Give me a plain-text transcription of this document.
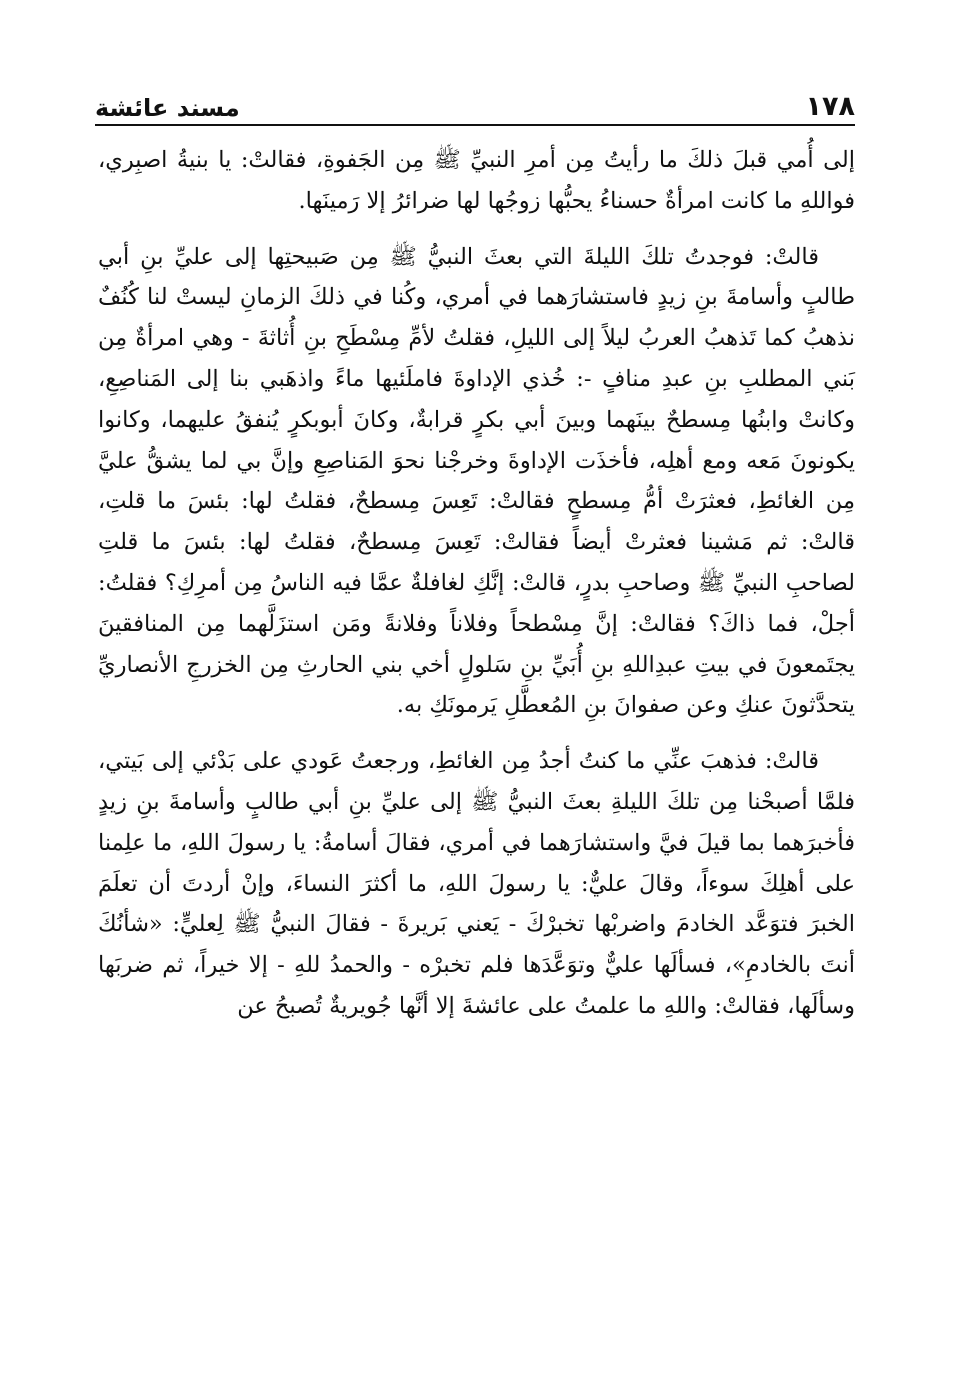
مسند عائشة	١٧٨

إلى أُمي قبلَ ذلكَ ما رأيتُ مِن أمرِ النبيِّ ﷺ مِن الجَفوةِ، فقالتْ: يا بنيةُ اصبِري، فواللهِ ما كانت امرأةٌ حسناءُ يحبُّها زوجُها لها ضرائرُ إلا رَمينَها.

قالتْ: فوجدتُ تلكَ الليلةَ التي بعثَ النبيُّ ﷺ مِن صَبيحتِها إلى عليِّ بنِ أبي طالبٍ وأسامةَ بنِ زيدٍ فاستشارَهما في أمري، وكُنا في ذلكَ الزمانِ ليستْ لنا كُنُفٌ نذهبُ كما تَذهبُ العربُ ليلاً إلى الليلِ، فقلتُ لأمِّ مِسْطَحِ بنِ أُثاثةَ - وهي امرأةٌ مِن بَني المطلبِ بنِ عبدِ منافٍ -: خُذي الإداوةَ فاملَئيها ماءً واذهَبي بنا إلى المَناصِعِ، وكانتْ وابنُها مِسطحٌ بينَهما وبينَ أبي بكرٍ قرابةٌ، وكانَ أبوبكرٍ يُنفقُ عليهما، وكانوا يكونونَ مَعه ومع أهلِه، فأخذَت الإداوةَ وخرجْنا نحوَ المَناصِعِ وإنَّ بي لما يشقُّ عليَّ مِن الغائطِ، فعثرَتْ أمُّ مِسطحٍ فقالتْ: تَعِسَ مِسطحٌ، فقلتُ لها: بئسَ ما قلتِ، قالتْ: ثم مَشينا فعثرتْ أيضاً فقالتْ: تَعِسَ مِسطحٌ، فقلتُ لها: بئسَ ما قلتِ لصاحبِ النبيِّ ﷺ وصاحبِ بدرٍ، قالتْ: إنَّكِ لغافلةٌ عمَّا فيه الناسُ مِن أمرِكِ؟ فقلتُ: أجلْ، فما ذاكَ؟ فقالتْ: إنَّ مِسْطحاً وفلاناً وفلانةً ومَن استزَلَّهما مِن المنافقينَ يجتَمعونَ في بيتِ عبدِاللهِ بنِ أُبَيِّ بنِ سَلولٍ أخي بني الحارثِ مِن الخزرجِ الأنصاريِّ يتحدَّثونَ عنكِ وعن صفوانَ بنِ المُعطَّلِ يَرمونَكِ به.

قالتْ: فذهبَ عنِّي ما كنتُ أجدُ مِن الغائطِ، ورجعتُ عَودي على بَدْئي إلى بَيتي، فلمَّا أصبحْنا مِن تلكَ الليلةِ بعثَ النبيُّ ﷺ إلى عليِّ بنِ أبي طالبٍ وأسامةَ بنِ زيدٍ فأخبرَهما بما قيلَ فيَّ واستشارَهما في أمري، فقالَ أسامةُ: يا رسولَ اللهِ، ما علِمنا على أهلِكَ سوءاً، وقالَ عليٌّ: يا رسولَ اللهِ، ما أكثرَ النساءَ، وإنْ أردتَ أن تعلَمَ الخبرَ فتوَعَّد الخادمَ واضربْها تخبرْكَ - يَعني بَريرةَ - فقالَ النبيُّ ﷺ لِعليٍّ: «شأنُكَ أنتَ بالخادمِ»، فسألَها عليٌّ وتوَعَّدَها فلم تخبرْه - والحمدُ للهِ - إلا خيراً، ثم ضربَها وسألَها، فقالتْ: واللهِ ما علمتُ على عائشةَ إلا أنَّها جُويريةٌ تُصبحُ عن
